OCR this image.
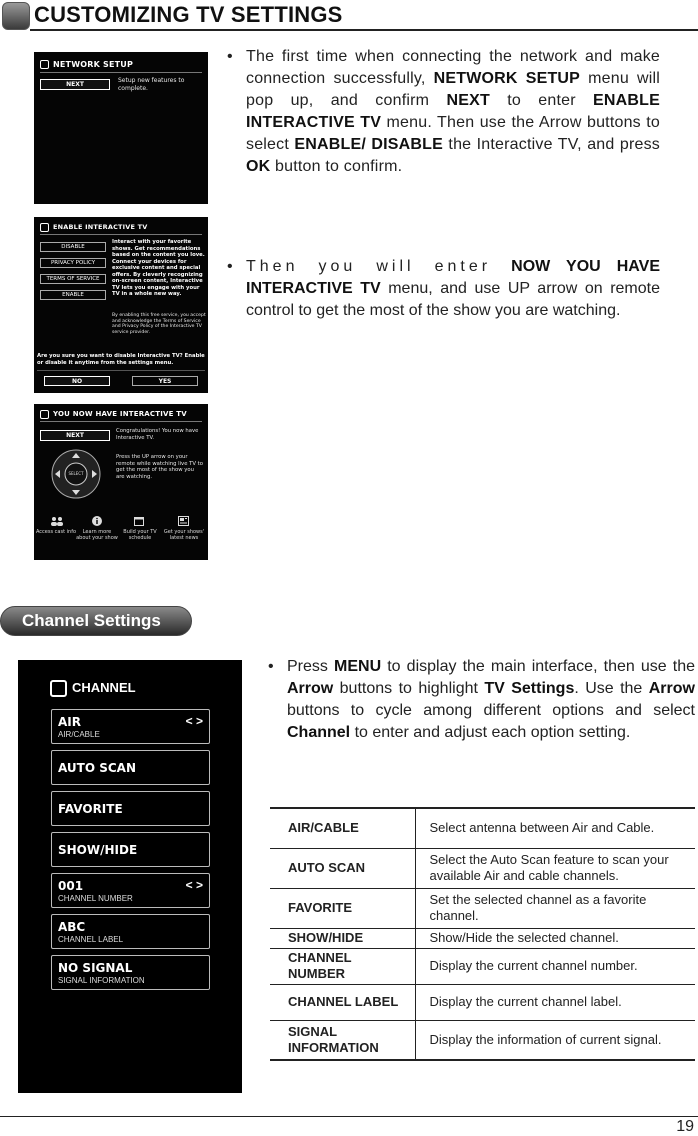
CUSTOMIZING TV SETTINGS
NETWORK SETUP
NEXT
Setup new features to complete.
ENABLE INTERACTIVE TV
DISABLE
PRIVACY POLICY
TERMS OF SERVICE
ENABLE
Interact with your favorite shows. Get recommendations based on the content you love. Connect your devices for exclusive content and special offers. By cleverly recognizing on-screen content, Interactive TV lets you engage with your TV in a whole new way.
By enabling this free service, you accept and acknowledge the Terms of Service and Privacy Policy of the Interactive TV service provider.
Are you sure you want to disable Interactive TV? Enable or disable it anytime from the settings menu.
NO	YES
YOU NOW HAVE INTERACTIVE TV
NEXT
Congratulations! You now have Interactive TV.
Press the UP arrow on your remote while watching live TV to get the most of the show you are watching.
SELECT
Access cast info	Learn more about your show
Build your TV schedule
Get your shows' latest news
• The first time when connecting the network and make connection successfully, NETWORK SETUP menu will pop up, and confirm NEXT to enter ENABLE INTERACTIVE TV menu. Then use the Arrow buttons to select ENABLE/ DISABLE the Interactive TV, and press OK button to confirm.
• Then you will enter NOW YOU HAVE INTERACTIVE TV menu, and use UP arrow on remote control to get the most of the show you are watching.
Channel Settings
CHANNEL
AIR
AIR/CABLE
< >
AUTO SCAN
FAVORITE
SHOW/HIDE
001
CHANNEL NUMBER
< >
ABC
CHANNEL LABEL
NO SIGNAL
SIGNAL INFORMATION
• Press MENU to display the main interface, then use the Arrow buttons to highlight TV Settings. Use the Arrow buttons to cycle among different options and select Channel to enter and adjust each option setting.
AIR/CABLE	Select antenna between Air and Cable.
AUTO SCAN	Select the Auto Scan feature to scan your available Air and cable channels.
FAVORITE	Set the selected channel as a favorite channel.
SHOW/HIDE	Show/Hide the selected channel.
CHANNEL NUMBER	Display the current channel number.
CHANNEL LABEL	Display the current channel label.
SIGNAL INFORMATION	Display the information of current signal.
19
